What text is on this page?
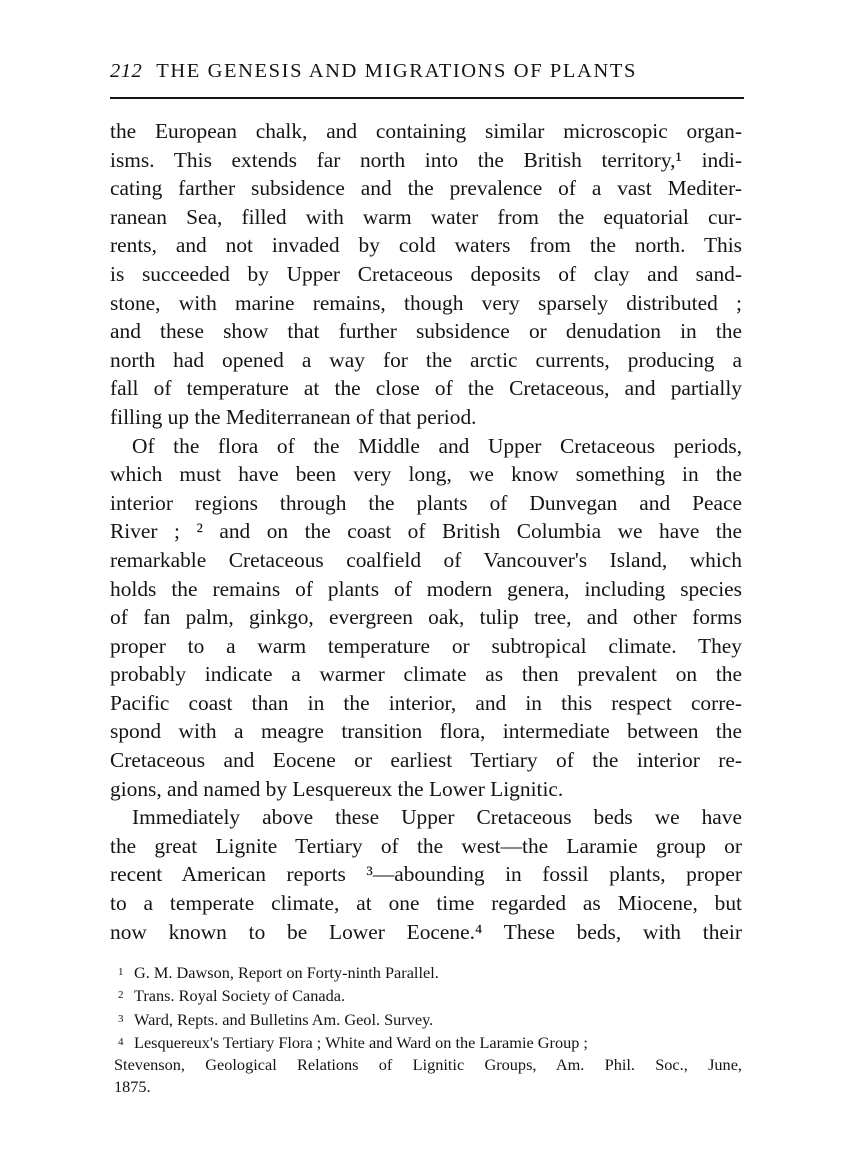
212 THE GENESIS AND MIGRATIONS OF PLANTS
the European chalk, and containing similar microscopic organ-
isms. This extends far north into the British territory,¹ indi-
cating farther subsidence and the prevalence of a vast Mediter-
ranean Sea, filled with warm water from the equatorial cur-
rents, and not invaded by cold waters from the north. This
is succeeded by Upper Cretaceous deposits of clay and sand-
stone, with marine remains, though very sparsely distributed ;
and these show that further subsidence or denudation in the
north had opened a way for the arctic currents, producing a
fall of temperature at the close of the Cretaceous, and partially
filling up the Mediterranean of that period.
Of the flora of the Middle and Upper Cretaceous periods,
which must have been very long, we know something in the
interior regions through the plants of Dunvegan and Peace
River ; ² and on the coast of British Columbia we have the
remarkable Cretaceous coalfield of Vancouver's Island, which
holds the remains of plants of modern genera, including species
of fan palm, ginkgo, evergreen oak, tulip tree, and other forms
proper to a warm temperature or subtropical climate. They
probably indicate a warmer climate as then prevalent on the
Pacific coast than in the interior, and in this respect corre-
spond with a meagre transition flora, intermediate between the
Cretaceous and Eocene or earliest Tertiary of the interior re-
gions, and named by Lesquereux the Lower Lignitic.
Immediately above these Upper Cretaceous beds we have
the great Lignite Tertiary of the west—the Laramie group or
recent American reports ³—abounding in fossil plants, proper
to a temperate climate, at one time regarded as Miocene, but
now known to be Lower Eocene.⁴ These beds, with their
1 G. M. Dawson, Report on Forty-ninth Parallel.
2 Trans. Royal Society of Canada.
3 Ward, Repts. and Bulletins Am. Geol. Survey.
4 Lesquereux's Tertiary Flora ; White and Ward on the Laramie Group ;
Stevenson, Geological Relations of Lignitic Groups, Am. Phil. Soc., June,
1875.
